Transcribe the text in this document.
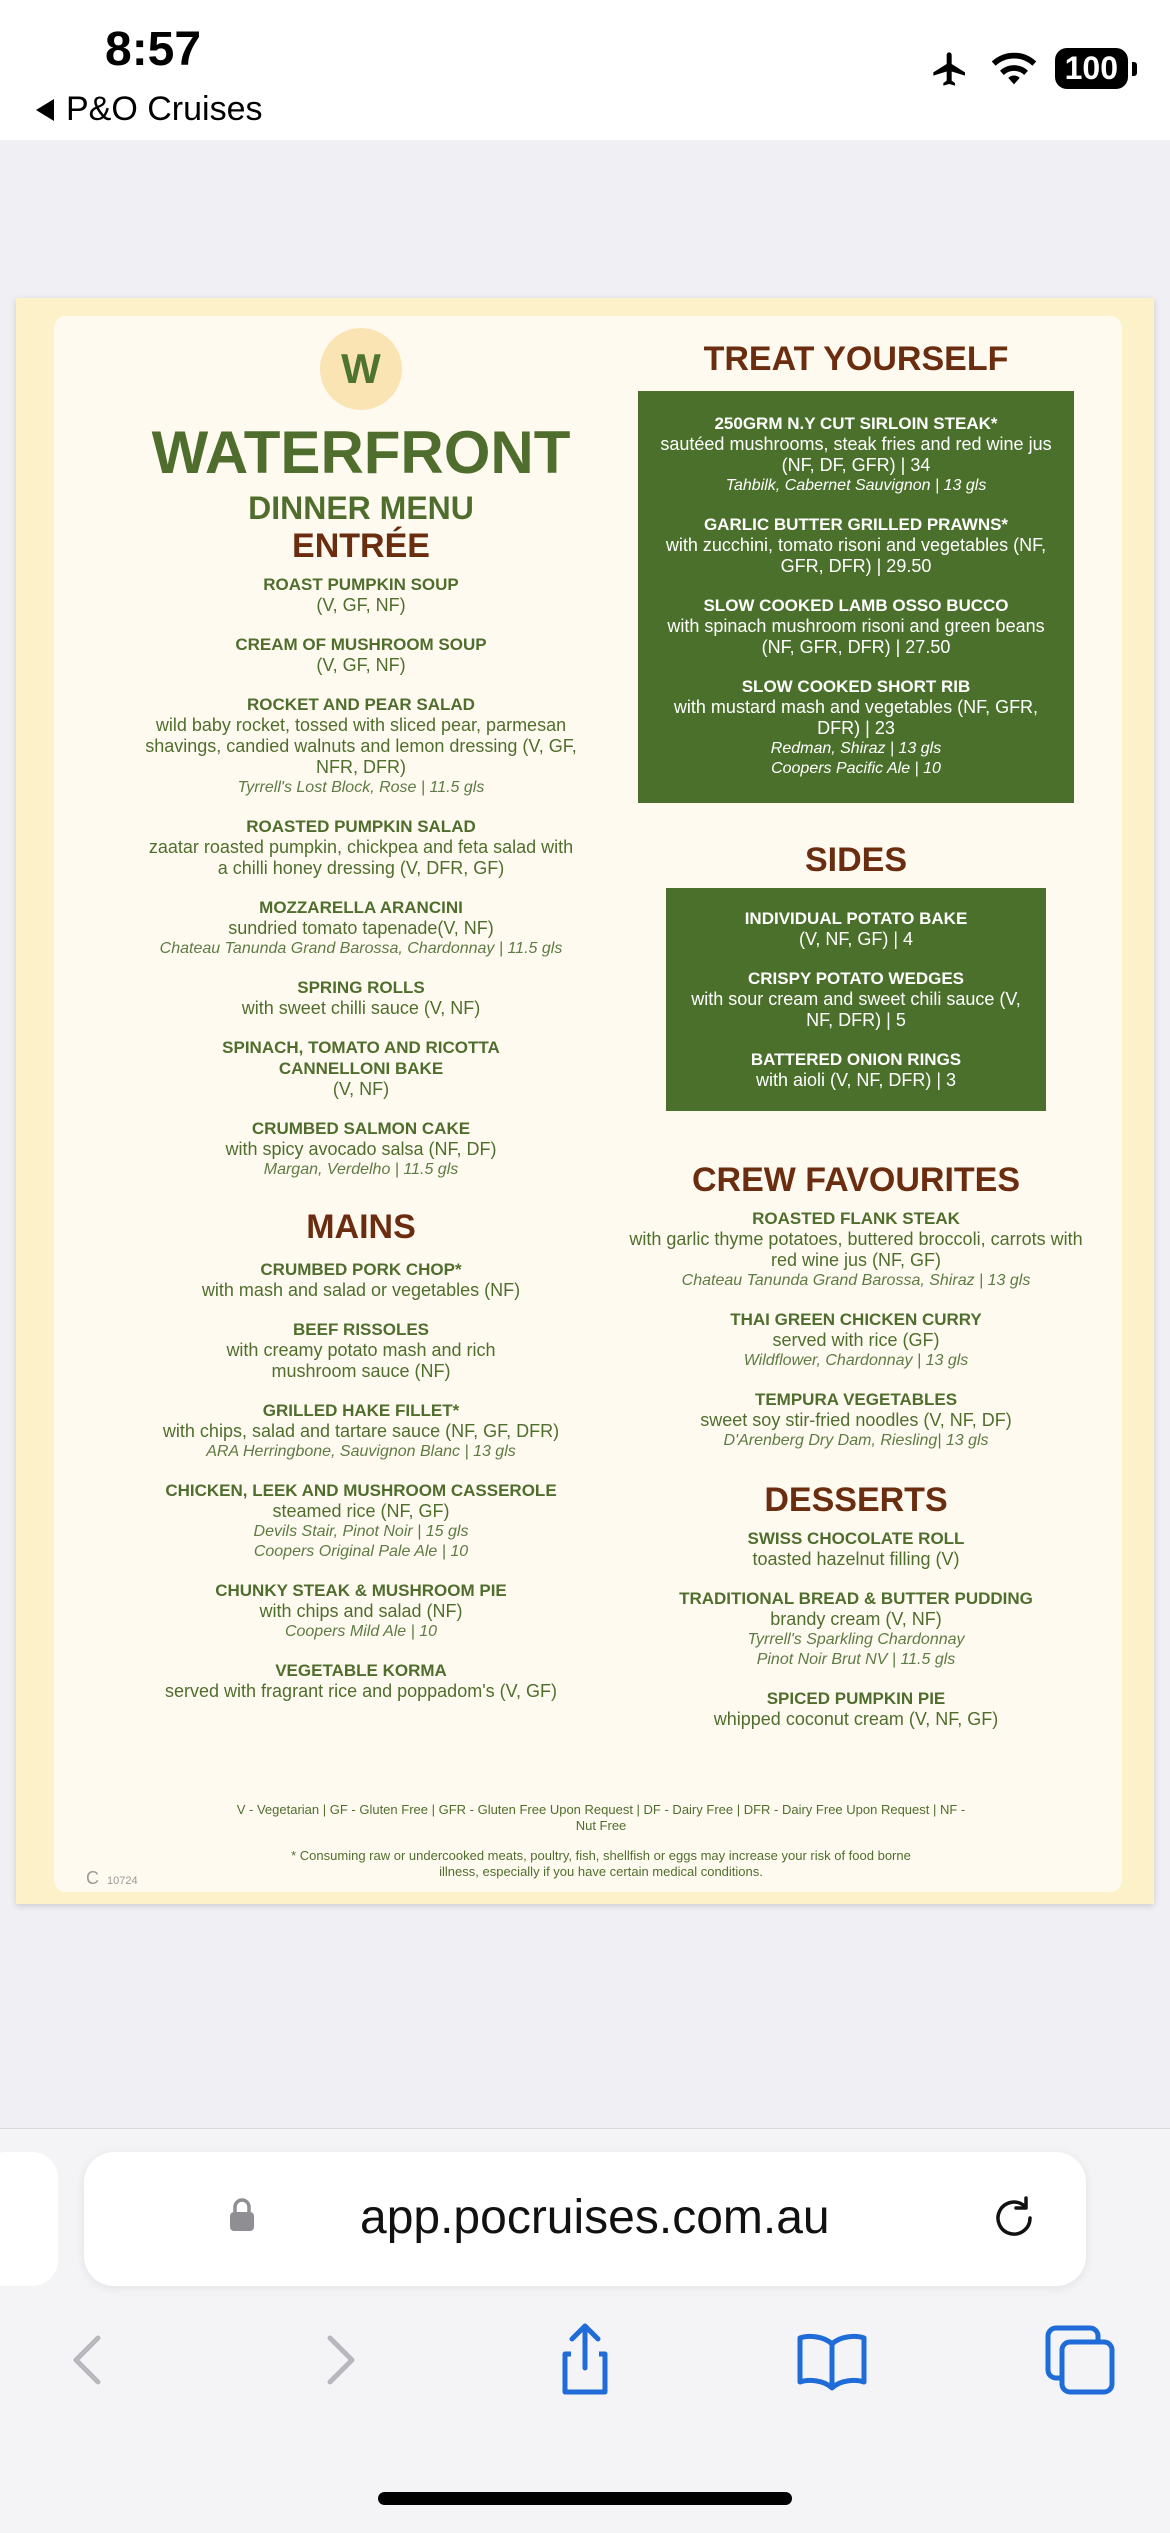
8:57
P&O Cruises
100
W
WATERFRONT
DINNER MENU
ENTRÉE
ROAST PUMPKIN SOUP
(V, GF, NF)
CREAM OF MUSHROOM SOUP
(V, GF, NF)
ROCKET AND PEAR SALAD
wild baby rocket, tossed with sliced pear, parmesan shavings, candied walnuts and lemon dressing (V, GF, NFR, DFR)
Tyrrell's Lost Block, Rose | 11.5 gls
ROASTED PUMPKIN SALAD
zaatar roasted pumpkin, chickpea and feta salad with a chilli honey dressing (V, DFR, GF)
MOZZARELLA ARANCINI
sundried tomato tapenade(V, NF)
Chateau Tanunda Grand Barossa, Chardonnay | 11.5 gls
SPRING ROLLS
with sweet chilli sauce (V, NF)
SPINACH, TOMATO AND RICOTTA CANNELLONI BAKE
(V, NF)
CRUMBED SALMON CAKE
with spicy avocado salsa (NF, DF)
Margan, Verdelho | 11.5 gls
MAINS
CRUMBED PORK CHOP*
with mash and salad or vegetables (NF)
BEEF RISSOLES
with creamy potato mash and rich mushroom sauce (NF)
GRILLED HAKE FILLET*
with chips, salad and tartare sauce (NF, GF, DFR)
ARA Herringbone, Sauvignon Blanc | 13 gls
CHICKEN, LEEK AND MUSHROOM CASSEROLE
steamed rice (NF, GF)
Devils Stair, Pinot Noir | 15 gls
Coopers Original Pale Ale | 10
CHUNKY STEAK & MUSHROOM PIE
with chips and salad (NF)
Coopers Mild Ale | 10
VEGETABLE KORMA
served with fragrant rice and poppadom's (V, GF)
TREAT YOURSELF
250GRM N.Y CUT SIRLOIN STEAK*
sautéed mushrooms, steak fries and red wine jus (NF, DF, GFR) | 34
Tahbilk, Cabernet Sauvignon | 13 gls
GARLIC BUTTER GRILLED PRAWNS*
with zucchini, tomato risoni and vegetables (NF, GFR, DFR) | 29.50
SLOW COOKED LAMB OSSO BUCCO
with spinach mushroom risoni and green beans (NF, GFR, DFR) | 27.50
SLOW COOKED SHORT RIB
with mustard mash and vegetables (NF, GFR, DFR) | 23
Redman, Shiraz | 13 gls
Coopers Pacific Ale | 10
SIDES
INDIVIDUAL POTATO BAKE
(V, NF, GF) | 4
CRISPY POTATO WEDGES
with sour cream and sweet chili sauce (V, NF, DFR) | 5
BATTERED ONION RINGS
with aioli (V, NF, DFR) | 3
CREW FAVOURITES
ROASTED FLANK STEAK
with garlic thyme potatoes, buttered broccoli, carrots with red wine jus (NF, GF)
Chateau Tanunda Grand Barossa, Shiraz | 13 gls
THAI GREEN CHICKEN CURRY
served with rice (GF)
Wildflower, Chardonnay | 13 gls
TEMPURA VEGETABLES
sweet soy stir-fried noodles (V, NF, DF)
D'Arenberg Dry Dam, Riesling| 13 gls
DESSERTS
SWISS CHOCOLATE ROLL
toasted hazelnut filling (V)
TRADITIONAL BREAD & BUTTER PUDDING
brandy cream (V, NF)
Tyrrell's Sparkling Chardonnay
Pinot Noir Brut NV | 11.5 gls
SPICED PUMPKIN PIE
whipped coconut cream (V, NF, GF)
V - Vegetarian | GF - Gluten Free | GFR - Gluten Free Upon Request | DF - Dairy Free | DFR - Dairy Free Upon Request | NF - Nut Free
* Consuming raw or undercooked meats, poultry, fish, shellfish or eggs may increase your risk of food borne illness, especially if you have certain medical conditions.
C 10724
app.pocruises.com.au
